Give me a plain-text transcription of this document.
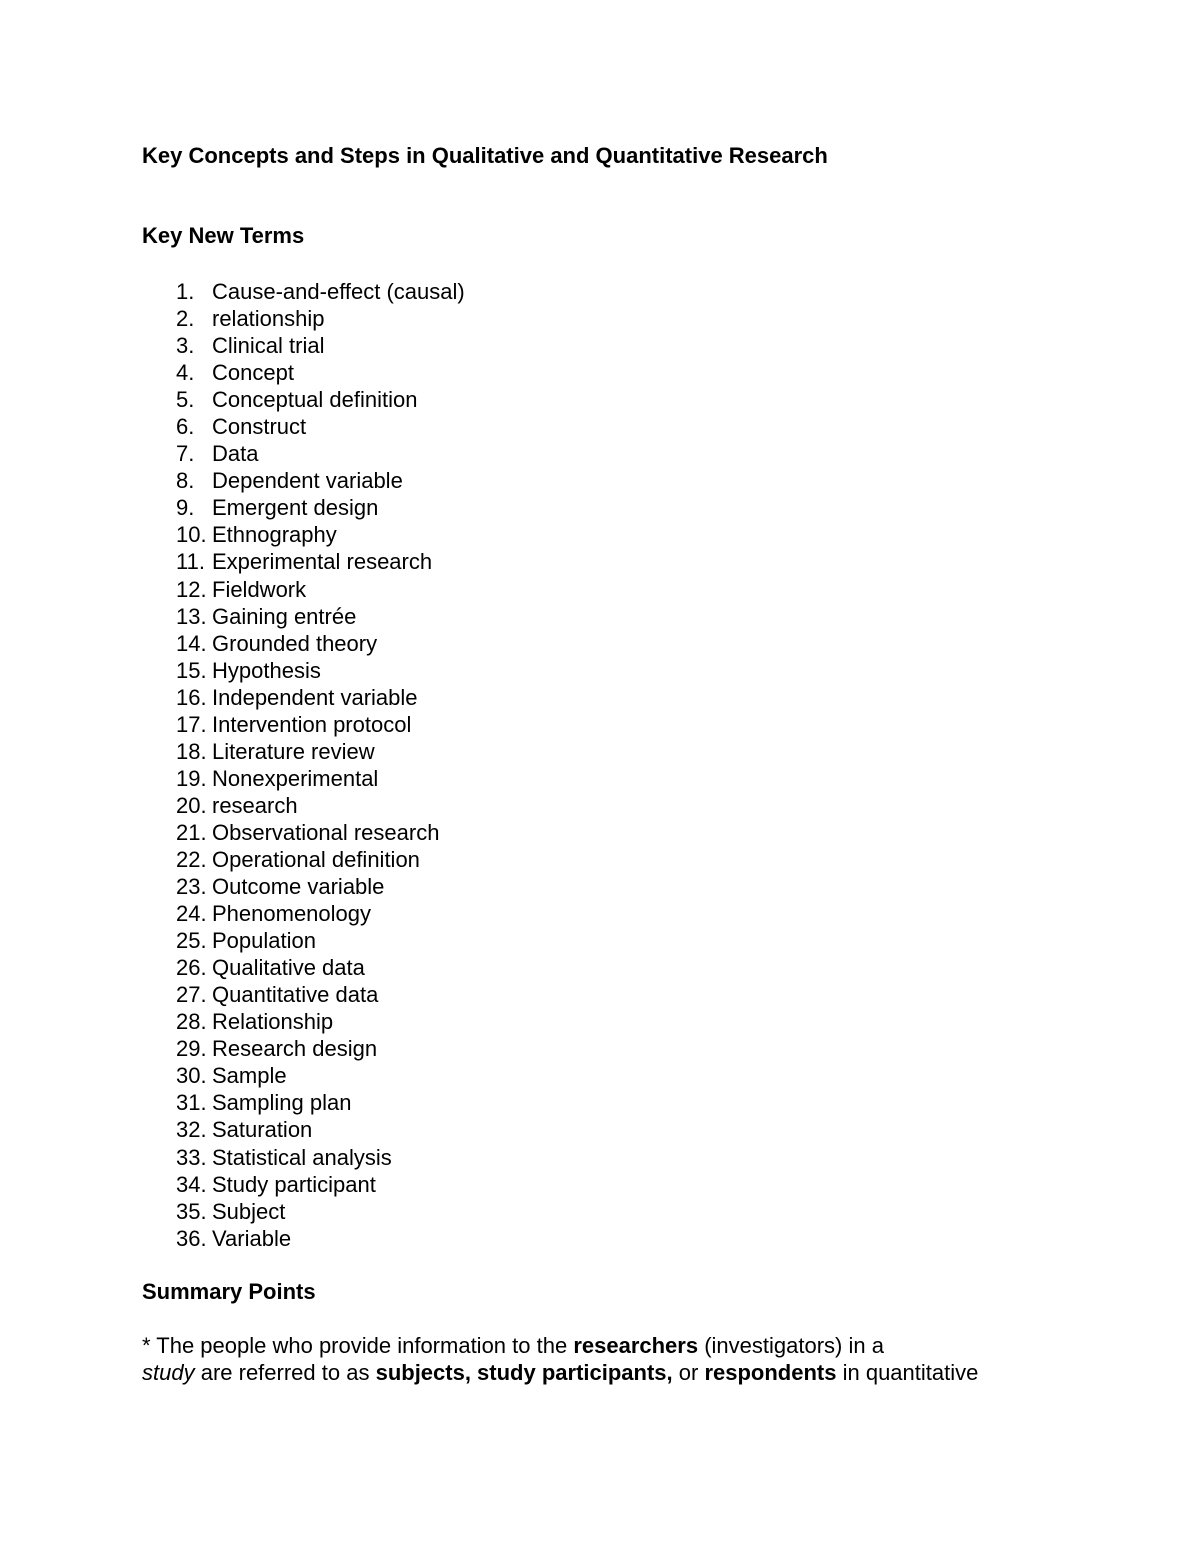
Key Concepts and Steps in Qualitative and Quantitative Research
Key New Terms
1. Cause-and-effect (causal)
2. relationship
3. Clinical trial
4. Concept
5. Conceptual definition
6. Construct
7. Data
8. Dependent variable
9. Emergent design
10. Ethnography
11. Experimental research
12. Fieldwork
13. Gaining entrée
14. Grounded theory
15. Hypothesis
16. Independent variable
17. Intervention protocol
18. Literature review
19. Nonexperimental
20. research
21. Observational research
22. Operational definition
23. Outcome variable
24. Phenomenology
25. Population
26. Qualitative data
27. Quantitative data
28. Relationship
29. Research design
30. Sample
31. Sampling plan
32. Saturation
33. Statistical analysis
34. Study participant
35. Subject
36. Variable
Summary Points

* The people who provide information to the researchers (investigators) in a
study are referred to as subjects, study participants, or respondents in quantitative
